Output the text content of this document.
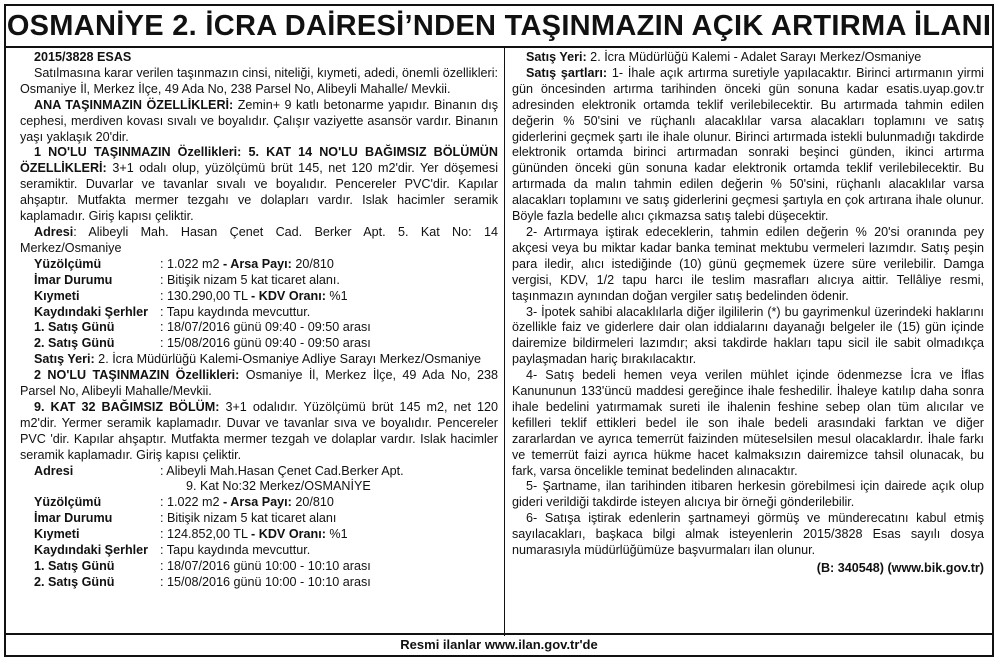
OSMANİYE 2. İCRA DAİRESİ’NDEN TAŞINMAZIN AÇIK ARTIRMA İLANI

2015/3828 ESAS

Satılmasına karar verilen taşınmazın cinsi, niteliği, kıymeti, adedi, önemli özellikleri: Osmaniye İl, Merkez İlçe, 49 Ada No, 238 Parsel No, Alibeyli Mahalle/ Mevkii.

ANA TAŞINMAZIN ÖZELLİKLERİ: Zemin+ 9 katlı betonarme yapıdır. Binanın dış cephesi, merdiven kovası sıvalı ve boyalıdır. Çalışır vaziyette asansör vardır. Binanın yaşı yaklaşık 20'dir.

1 NO'LU TAŞINMAZIN Özellikleri: 5. KAT 14 NO'LU BAĞIMSIZ BÖLÜMÜN ÖZELLİKLERİ: 3+1 odalı olup, yüzölçümü brüt 145, net 120 m2'dir. Yer döşemesi seramiktir. Duvarlar ve tavanlar sıvalı ve boyalıdır. Pencereler PVC'dir. Kapılar ahşaptır. Mutfakta mermer tezgahı ve dolapları vardır. Islak hacimler seramik kaplamadır. Giriş kapısı çeliktir.

Adresi: Alibeyli Mah. Hasan Çenet Cad. Berker Apt. 5. Kat No: 14 Merkez/Osmaniye

Yüzölçümü	: 1.022 m2 - Arsa Payı: 20/810
İmar Durumu	: Bitişik nizam 5 kat ticaret alanı.
Kıymeti	: 130.290,00 TL - KDV Oranı: %1
Kaydındaki Şerhler : Tapu kaydında mevcuttur.
1. Satış Günü	: 18/07/2016 günü 09:40 - 09:50 arası
2. Satış Günü	: 15/08/2016 günü 09:40 - 09:50 arası

Satış Yeri: 2. İcra Müdürlüğü Kalemi-Osmaniye Adliye Sarayı Merkez/Osmaniye

2 NO'LU TAŞINMAZIN Özellikleri: Osmaniye İl, Merkez İlçe, 49 Ada No, 238 Parsel No, Alibeyli Mahalle/Mevkii.

9. KAT 32 BAĞIMSIZ BÖLÜM: 3+1 odalıdır. Yüzölçümü brüt 145 m2, net 120 m2'dir. Yermer seramik kaplamadır. Duvar ve tavanlar sıva ve boyalıdır. Pencereler PVC 'dir. Kapılar ahşaptır. Mutfakta mermer tezgah ve dolaplar vardır. Islak hacimler seramik kaplamadır. Giriş kapısı çeliktir.

Adresi	: Alibeyli Mah.Hasan Çenet Cad.Berker Apt.
9. Kat No:32 Merkez/OSMANİYE
Yüzölçümü	: 1.022 m2 - Arsa Payı: 20/810
İmar Durumu	: Bitişik nizam 5 kat ticaret alanı
Kıymeti	: 124.852,00 TL - KDV Oranı: %1
Kaydındaki Şerhler : Tapu kaydında mevcuttur.
1. Satış Günü	: 18/07/2016 günü 10:00 - 10:10 arası
2. Satış Günü	: 15/08/2016 günü 10:00 - 10:10 arası

Satış Yeri: 2. İcra Müdürlüğü Kalemi - Adalet Sarayı Merkez/Osmaniye

Satış şartları: 1- İhale açık artırma suretiyle yapılacaktır. Birinci artırmanın yirmi gün öncesinden artırma tarihinden önceki gün sonuna kadar esatis.uyap.gov.tr adresinden elektronik ortamda teklif verilebilecektir. Bu artırmada tahmin edilen değerin % 50'sini ve rüçhanlı alacaklılar varsa alacakları toplamını ve satış giderlerini geçmek şartı ile ihale olunur. Birinci artırmada istekli bulunmadığı takdirde elektronik ortamda birinci artırmadan sonraki beşinci günden, ikinci artırma gününden önceki gün sonuna kadar elektronik ortamda teklif verilebilecektir. Bu artırmada da malın tahmin edilen değerin % 50'sini, rüçhanlı alacaklılar varsa alacakları toplamını ve satış giderlerini geçmesi şartıyla en çok artırana ihale olunur. Böyle fazla bedelle alıcı çıkmazsa satış talebi düşecektir.

2- Artırmaya iştirak edeceklerin, tahmin edilen değerin % 20'si oranında pey akçesi veya bu miktar kadar banka teminat mektubu vermeleri lazımdır. Satış peşin para iledir, alıcı istediğinde (10) günü geçmemek üzere süre verilebilir. Damga vergisi, KDV, 1/2 tapu harcı ile teslim masrafları alıcıya aittir. Tellâliye resmi, taşınmazın aynından doğan vergiler satış bedelinden ödenir.

3- İpotek sahibi alacaklılarla diğer ilgililerin (*) bu gayrimenkul üzerindeki haklarını özellikle faiz ve giderlere dair olan iddialarını dayanağı belgeler ile (15) gün içinde dairemize bildirmeleri lazımdır; aksi takdirde hakları tapu sicil ile sabit olmadıkça paylaşmadan hariç bırakılacaktır.

4- Satış bedeli hemen veya verilen mühlet içinde ödenmezse İcra ve İflas Kanununun 133'üncü maddesi gereğince ihale feshedilir. İhaleye katılıp daha sonra ihale bedelini yatırmamak sureti ile ihalenin feshine sebep olan tüm alıcılar ve kefilleri teklif ettikleri bedel ile son ihale bedeli arasındaki farktan ve diğer zararlardan ve ayrıca temerrüt faizinden müteselsilen mesul olacaklardır. İhale farkı ve temerrüt faizi ayrıca hükme hacet kalmaksızın dairemizce tahsil olunacak, bu fark, varsa öncelikle teminat bedelinden alınacaktır.

5- Şartname, ilan tarihinden itibaren herkesin görebilmesi için dairede açık olup gideri verildiği takdirde isteyen alıcıya bir örneği gönderilebilir.

6- Satışa iştirak edenlerin şartnameyi görmüş ve münderecatını kabul etmiş sayılacakları, başkaca bilgi almak isteyenlerin 2015/3828 Esas sayılı dosya numarasıyla müdürlüğümüze başvurmaları ilan olunur.

(B: 340548) (www.bik.gov.tr)
Resmi ilanlar www.ilan.gov.tr'de
